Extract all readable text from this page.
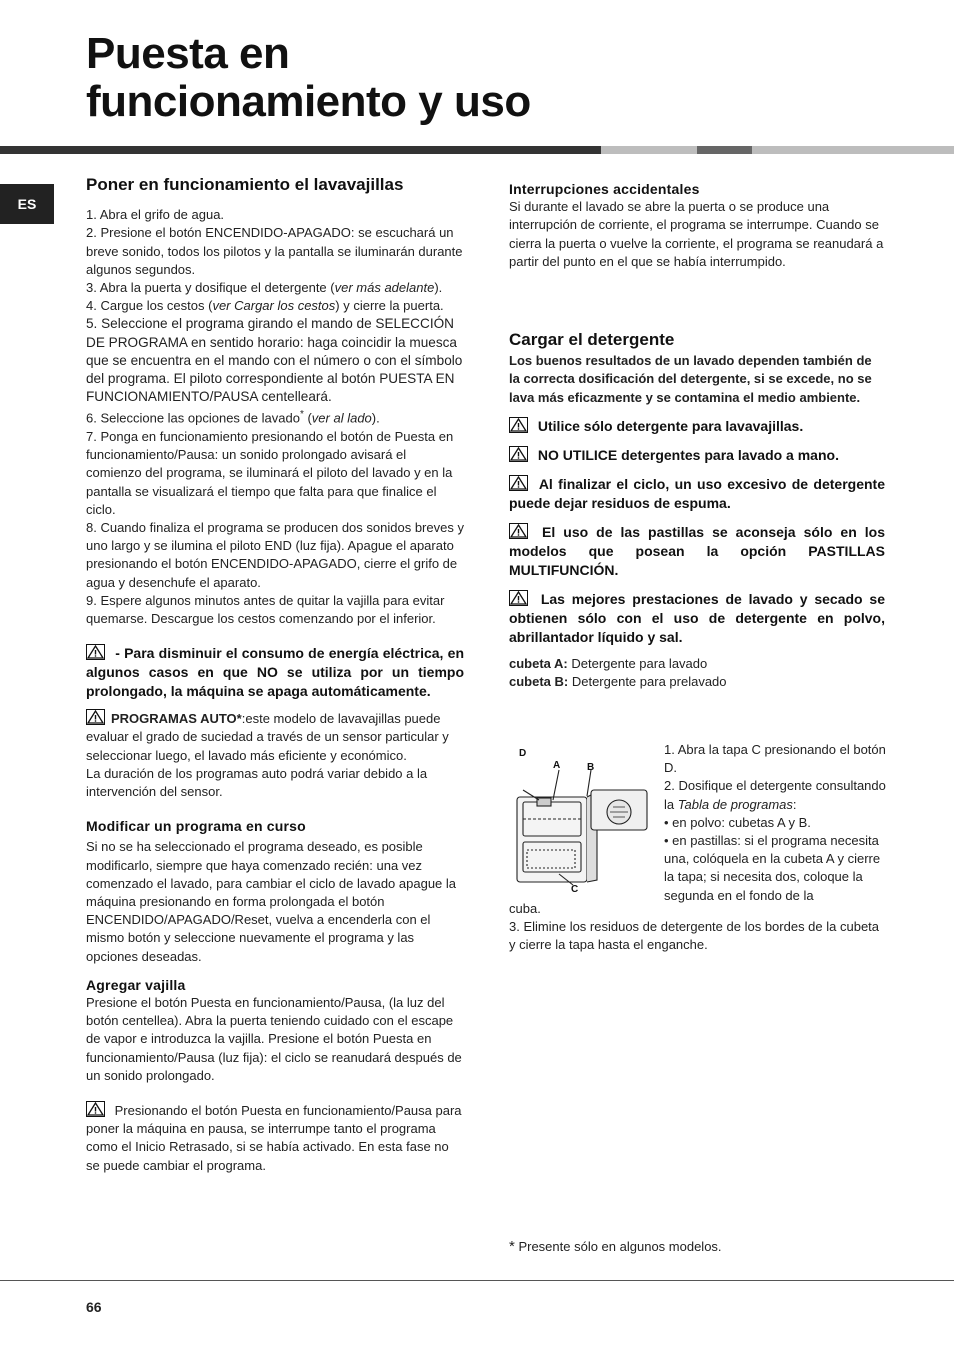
Puesta en
funcionamiento y uso
ES
Poner en funcionamiento el lavavajillas

1. Abra el grifo de agua.

2. Presione el botón ENCENDIDO-APAGADO: se escuchará un breve sonido, todos los pilotos y la pantalla se iluminarán durante algunos segundos.

3. Abra la puerta y dosifique el detergente (ver más adelante).

4. Cargue los cestos (ver Cargar los cestos) y cierre la puerta.

5. Seleccione el programa girando el mando de SELECCIÓN DE PROGRAMA en sentido horario: haga coincidir la muesca que se encuentra en el mando con el número o con el símbolo del programa. El piloto correspondiente al botón PUESTA EN FUNCIONAMIENTO/PAUSA centelleará.

6. Seleccione las opciones de lavado* (ver al lado).

7. Ponga en funcionamiento presionando el botón de Puesta en funcionamiento/Pausa: un sonido prolongado avisará el comienzo del programa, se iluminará el piloto del lavado y en la pantalla se visualizará el tiempo que falta para que finalice el ciclo.

8. Cuando finaliza el programa se producen dos sonidos breves y uno largo y se ilumina el piloto END (luz fija). Apague el aparato presionando el botón ENCENDIDO-APAGADO, cierre el grifo de agua y desenchufe el aparato.

9. Espere algunos minutos antes de quitar la vajilla para evitar quemarse. Descargue los cestos comenzando por el inferior.

- Para disminuir el consumo de energía eléctrica, en algunos casos en que NO se utiliza por un tiempo prolongado, la máquina se apaga automáticamente.

PROGRAMAS AUTO*:este modelo de lavavajillas puede evaluar el grado de suciedad a través de un sensor particular y seleccionar luego, el lavado más eficiente y económico.

La duración de los programas auto podrá variar debido a la intervención del sensor.

Modificar un programa en curso

Si no se ha seleccionado el programa deseado, es posible modificarlo, siempre que haya comenzado recién: una vez comenzado el lavado, para cambiar el ciclo de lavado apague la máquina presionando en forma prolongada el botón ENCENDIDO/APAGADO/Reset, vuelva a encenderla con el mismo botón y seleccione nuevamente el programa y las opciones deseadas.

Agregar vajilla

Presione el botón Puesta en funcionamiento/Pausa, (la luz del botón centellea). Abra la puerta teniendo cuidado con el escape de vapor e introduzca la vajilla. Presione el botón Puesta en funcionamiento/Pausa (luz fija): el ciclo se reanudará después de un sonido prolongado.

Presionando el botón Puesta en funcionamiento/Pausa para poner la máquina en pausa, se interrumpe tanto el programa como el Inicio Retrasado, si se había activado. En esta fase no se puede cambiar el programa.

Interrupciones accidentales

Si durante el lavado se abre la puerta o se produce una interrupción de corriente, el programa se interrumpe. Cuando se cierra la puerta o vuelve la corriente, el programa se reanudará a partir del punto en el que se había interrumpido.

Cargar el detergente

Los buenos resultados de un lavado dependen también de la correcta dosificación del detergente, si se excede, no se lava más eficazmente y se contamina el medio ambiente.

Utilice sólo detergente para lavavajillas.

NO UTILICE detergentes para lavado a mano.

Al finalizar el ciclo, un uso excesivo de detergente puede dejar residuos de espuma.

El uso de las pastillas se aconseja sólo en los modelos que posean la opción PASTILLAS MULTIFUNCIÓN.

Las mejores prestaciones de lavado y secado se obtienen sólo con el uso de detergente en polvo, abrillantador líquido y sal.

cubeta A: Detergente para lavado

cubeta B: Detergente para prelavado

D
A	B
C

1. Abra la tapa C presionando el botón D.

2. Dosifique el detergente consultando la Tabla de programas:

• en polvo: cubetas A y B.

• en pastillas: si el programa necesita una, colóquela en la cubeta A y cierre la tapa; si necesita dos, coloque la segunda en el fondo de la

cuba.

3. Elimine los residuos de detergente de los bordes de la cubeta y cierre la tapa hasta el enganche.

* Presente sólo en algunos modelos.
66
